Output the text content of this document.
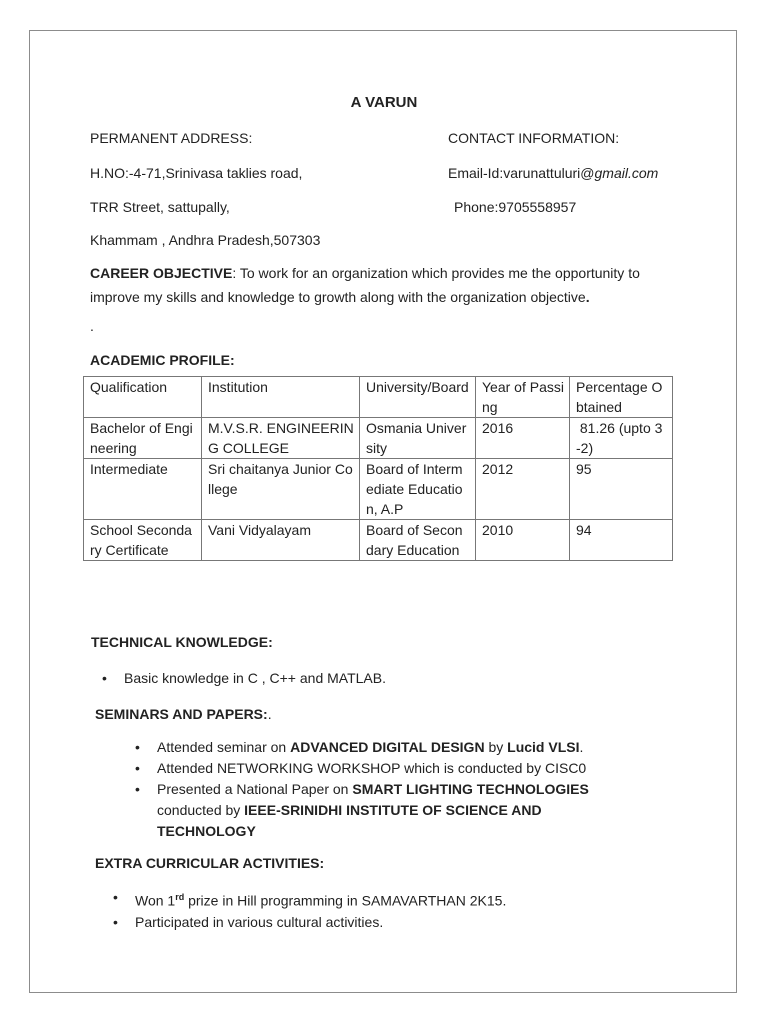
A VARUN
PERMANENT ADDRESS:	CONTACT INFORMATION:
H.NO:-4-71,Srinivasa taklies road,	Email-Id:varunattuluri@gmail.com
TRR Street, sattupally,	Phone:9705558957
Khammam , Andhra Pradesh,507303
CAREER OBJECTIVE: To work for an organization which provides me the opportunity to improve my skills and knowledge to growth along with the organization objective.
.
ACADEMIC PROFILE:
Qualification	Institution	University/Board	Year of Passing	Percentage Obtained
Bachelor of Engineering	M.V.S.R. ENGINEERING COLLEGE	Osmania University	2016	81.26 (upto 3-2)
Intermediate	Sri chaitanya Junior College	Board of Intermediate Education, A.P	2012	95
School Secondary Certificate	Vani Vidyalayam	Board of Secondary Education	2010	94
TECHNICAL KNOWLEDGE:
• Basic knowledge in C , C++ and MATLAB.
SEMINARS AND PAPERS:.
• Attended seminar on ADVANCED DIGITAL DESIGN by Lucid VLSI.
• Attended NETWORKING WORKSHOP which is conducted by CISC0
• Presented a National Paper on SMART LIGHTING TECHNOLOGIES
conducted by IEEE-SRINIDHI INSTITUTE OF SCIENCE AND TECHNOLOGY
EXTRA CURRICULAR ACTIVITIES:
• Won 1rd prize in Hill programming in SAMAVARTHAN 2K15.
• Participated in various cultural activities.
